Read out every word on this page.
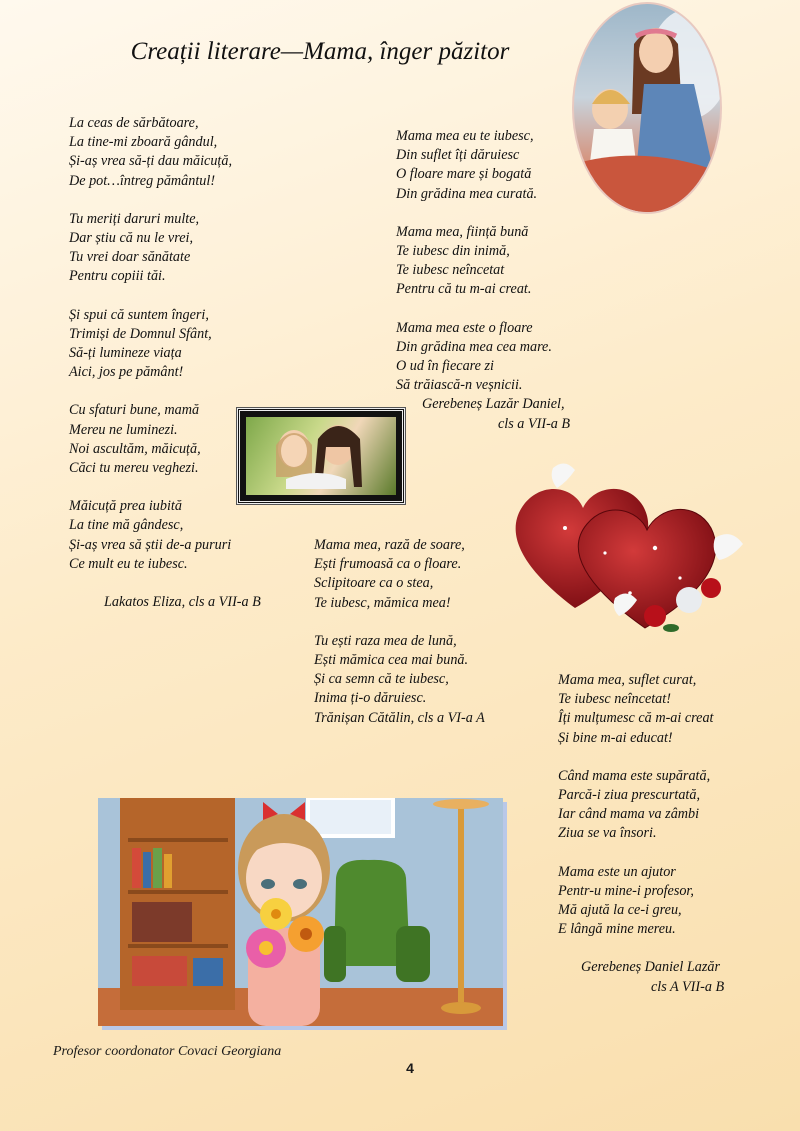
Creații literare—Mama, înger păzitor
La ceas de sărbătoare,
La tine-mi zboară gândul,
Și-aș vrea să-ți dau măicuță,
De pot…întreg pământul!
Tu meriți daruri multe,
Dar știu că nu le vrei,
Tu vrei doar sănătate
Pentru copiii tăi.
Și spui că suntem îngeri,
Trimiși de Domnul Sfânt,
Să-ți lumineze viața
Aici, jos pe pământ!
Cu sfaturi bune, mamă
Mereu ne luminezi.
Noi ascultăm, măicuță,
Căci tu mereu veghezi.
Măicuță prea iubită
La tine mă gândesc,
Și-aș vrea să știi de-a pururi
Ce mult eu te iubesc.
Lakatos Eliza, cls a VII-a B
Mama mea eu te iubesc,
Din suflet îți dăruiesc
O floare mare și bogată
Din grădina mea curată.
Mama mea, ființă bună
Te iubesc din inimă,
Te iubesc neîncetat
Pentru că tu m-ai creat.
Mama mea este o floare
Din grădina mea cea mare.
O ud în fiecare zi
Să trăiască-n veșnicii.
Gerebeneș Lazăr Daniel,
cls a VII-a B
Mama mea, rază de soare,
Ești frumoasă ca o floare.
Sclipitoare ca o stea,
Te iubesc, mămica mea!
Tu ești raza mea de lună,
Ești mămica cea mai bună.
Și ca semn că te iubesc,
Inima ți-o dăruiesc.
Trănișan Cătălin, cls a VI-a A
Mama mea, suflet curat,
Te iubesc neîncetat!
Îți mulțumesc că m-ai creat
Și bine m-ai educat!
Când mama este supărată,
Parcă-i ziua prescurtată,
Iar când mama va zâmbi
Ziua se va însori.
Mama este un ajutor
Pentr-u mine-i profesor,
Mă ajută la ce-i greu,
E lângă mine mereu.
Gerebeneș Daniel Lazăr
cls A VII-a B
Profesor coordonator Covaci Georgiana
4
